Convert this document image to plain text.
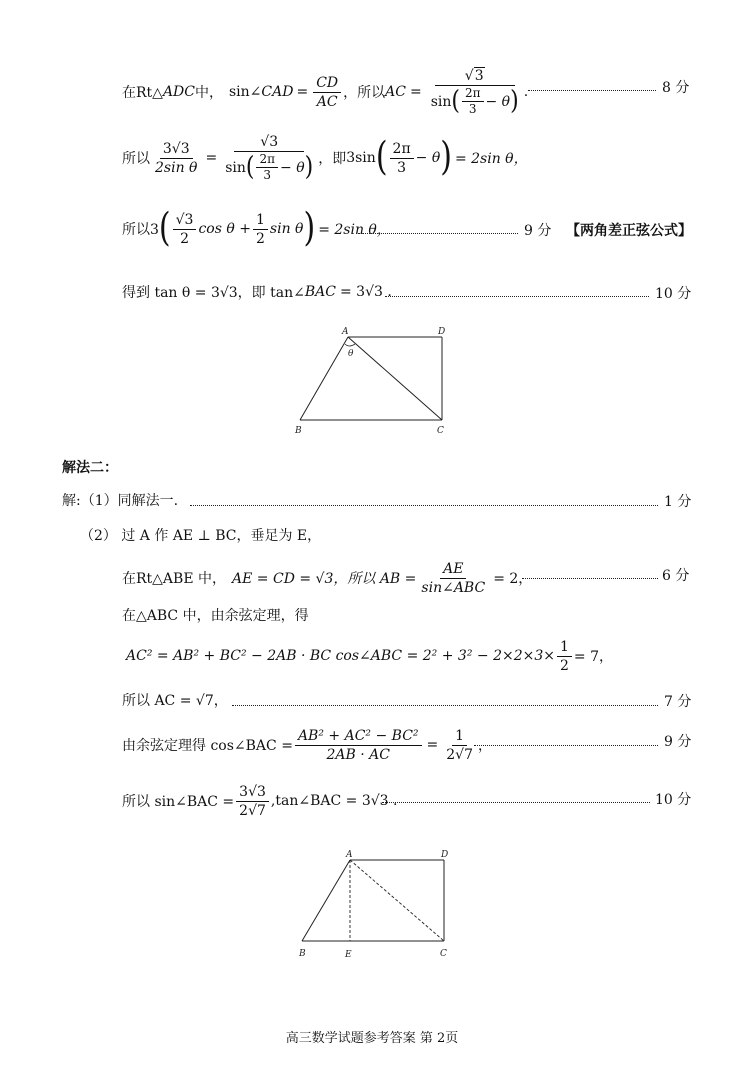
在Rt△ ADC 中， sin∠ CAD = $\frac{CD}{AC}$ ，所以 AC =
√3
sin ( $\frac{2\pi}{3} - \theta$ ) .	8 分
所以 $\frac{3√3}{\text{2sin θ}}$ =
√3
sin ( $\frac{2\pi}{3} - \theta$ ) ，即 3sin ( $\frac{2\pi}{3} - \theta$ ) = 2sin θ，
所以3 ( $\frac{√3}{2}$ $\cos \theta + \frac{1}{2}$ sin θ ) = 2sin θ，	9 分 【两角差正弦公式】
得到 tan θ = 3√3，即 tan∠ BAC = 3√3 .	10 分
A	D
B	C
θ
解法二：
解:（1）同解法一.	1 分
（2） 过 A 作 AE ⊥ BC，垂足为 E，
在Rt△ABE 中， AE = CD = √3，所以 AB = $\frac{AE}{\text{sin∠ABC}} = 2$，	6 分
在△ABC 中，由余弦定理，得
AC² = AB² + BC² − 2AB · BC cos∠ABC = $2^2 + 3^2 - 2\times 2\times 3\times \frac{1}{2} = 7$，
所以 AC = √7，	7 分
由余弦定理得 cos∠BAC = $\frac{\text{AB² + AC² − BC²}}{2AB \cdot AC} = \frac{1}{2√7}$ ，	9 分
所以 sin∠BAC = $\frac{3√3}{2√7}$ ,tan∠BAC = 3√3 .	10 分
A	D
B	E	C
高三数学试题参考答案 第 2页
